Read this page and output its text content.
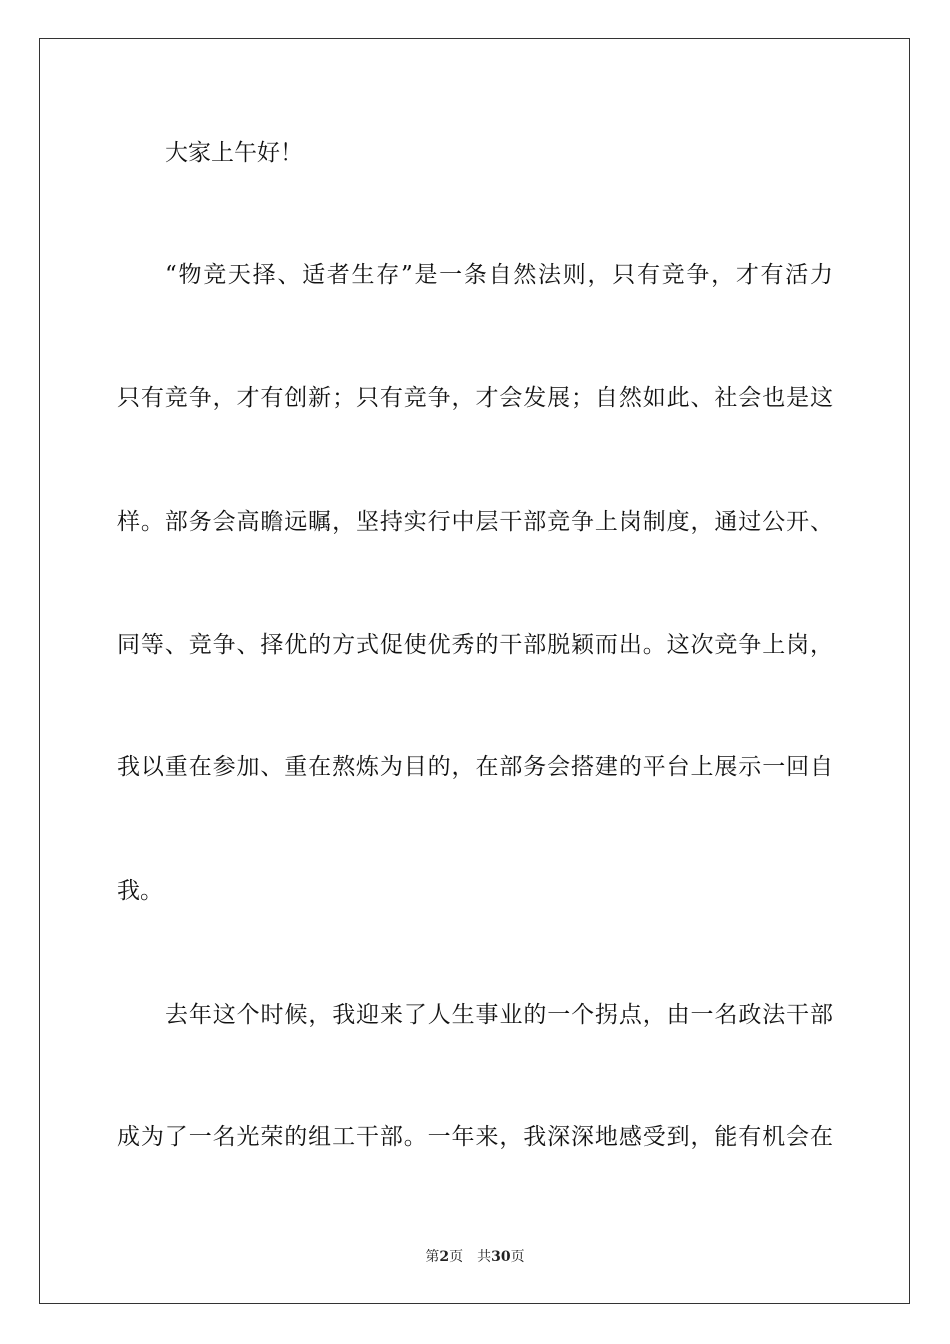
大家上午好！
“物竞天择、适者生存”是一条自然法则，只有竞争，才有活力
只有竞争，才有创新；只有竞争，才会发展；自然如此、社会也是这
样。部务会高瞻远瞩，坚持实行中层干部竞争上岗制度，通过公开、
同等、竞争、择优的方式促使优秀的干部脱颖而出。这次竞争上岗，
我以重在参加、重在熬炼为目的，在部务会搭建的平台上展示一回自
我。
去年这个时候，我迎来了人生事业的一个拐点，由一名政法干部
成为了一名光荣的组工干部。一年来，我深深地感受到，能有机会在
第2页 共30页
